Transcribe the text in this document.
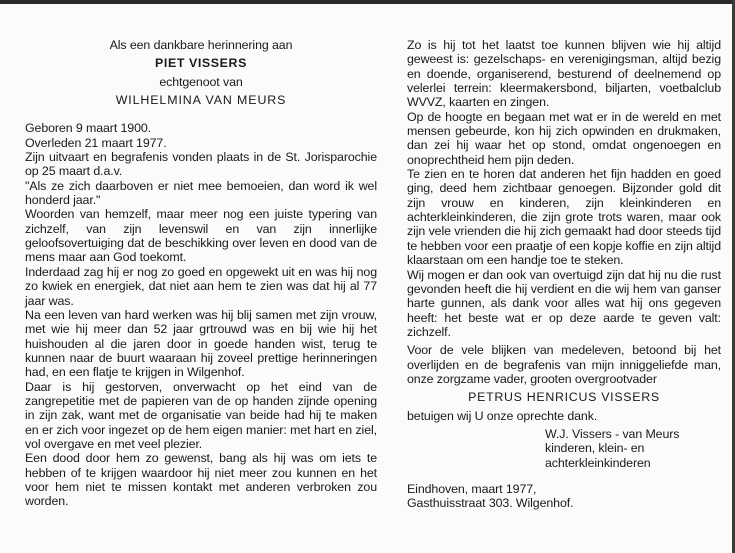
Als een dankbare herinnering aan

PIET VISSERS

echtgenoot van

WILHELMINA VAN MEURS

Geboren 9 maart 1900.

Overleden 21 maart 1977.

Zijn uitvaart en begrafenis vonden plaats in de St. Jorisparochie op 25 maart d.a.v.

"Als ze zich daarboven er niet mee bemoeien, dan word ik wel honderd jaar."

Woorden van hemzelf, maar meer nog een juiste typering van zichzelf, van zijn levenswil en van zijn innerlijke geloofsovertuiging dat de beschikking over leven en dood van de mens maar aan God toekomt.

Inderdaad zag hij er nog zo goed en opgewekt uit en was hij nog zo kwiek en energiek, dat niet aan hem te zien was dat hij al 77 jaar was.

Na een leven van hard werken was hij blij samen met zijn vrouw, met wie hij meer dan 52 jaar grtrouwd was en bij wie hij het huishouden al die jaren door in goede handen wist, terug te kunnen naar de buurt waaraan hij zoveel prettige herinneringen had, en een flatje te krijgen in Wilgenhof.

Daar is hij gestorven, onverwacht op het eind van de zangrepetitie met de papieren van de op handen zijnde opening in zijn zak, want met de organisatie van beide had hij te maken en er zich voor ingezet op de hem eigen manier: met hart en ziel, vol overgave en met veel plezier.

Een dood door hem zo gewenst, bang als hij was om iets te hebben of te krijgen waardoor hij niet meer zou kunnen en het voor hem niet te missen kontakt met anderen verbroken zou worden.

Zo is hij tot het laatst toe kunnen blijven wie hij altijd geweest is: gezelschaps- en verenigingsman, altijd bezig en doende, organiserend, besturend of deelnemend op velerlei terrein: kleermakersbond, biljarten, voetbalclub WVVZ, kaarten en zingen.

Op de hoogte en begaan met wat er in de wereld en met mensen gebeurde, kon hij zich opwinden en drukmaken, dan zei hij waar het op stond, omdat ongenoegen en onoprechtheid hem pijn deden.

Te zien en te horen dat anderen het fijn hadden en goed ging, deed hem zichtbaar genoegen. Bijzonder gold dit zijn vrouw en kinderen, zijn kleinkinderen en achterkleinkinderen, die zijn grote trots waren, maar ook zijn vele vrienden die hij zich gemaakt had door steeds tijd te hebben voor een praatje of een kopje koffie en zijn altijd klaarstaan om een handje toe te steken.

Wij mogen er dan ook van overtuigd zijn dat hij nu die rust gevonden heeft die hij verdient en die wij hem van ganser harte gunnen, als dank voor alles wat hij ons gegeven heeft: het beste wat er op deze aarde te geven valt: zichzelf.

Voor de vele blijken van medeleven, betoond bij het overlijden en de begrafenis van mijn inniggeliefde man, onze zorgzame vader, grooten overgrootvader

PETRUS HENRICUS VISSERS

betuigen wij U onze oprechte dank.

W.J. Vissers - van Meurs

kinderen, klein- en

achterkleinkinderen

Eindhoven, maart 1977,

Gasthuisstraat 303. Wilgenhof.
